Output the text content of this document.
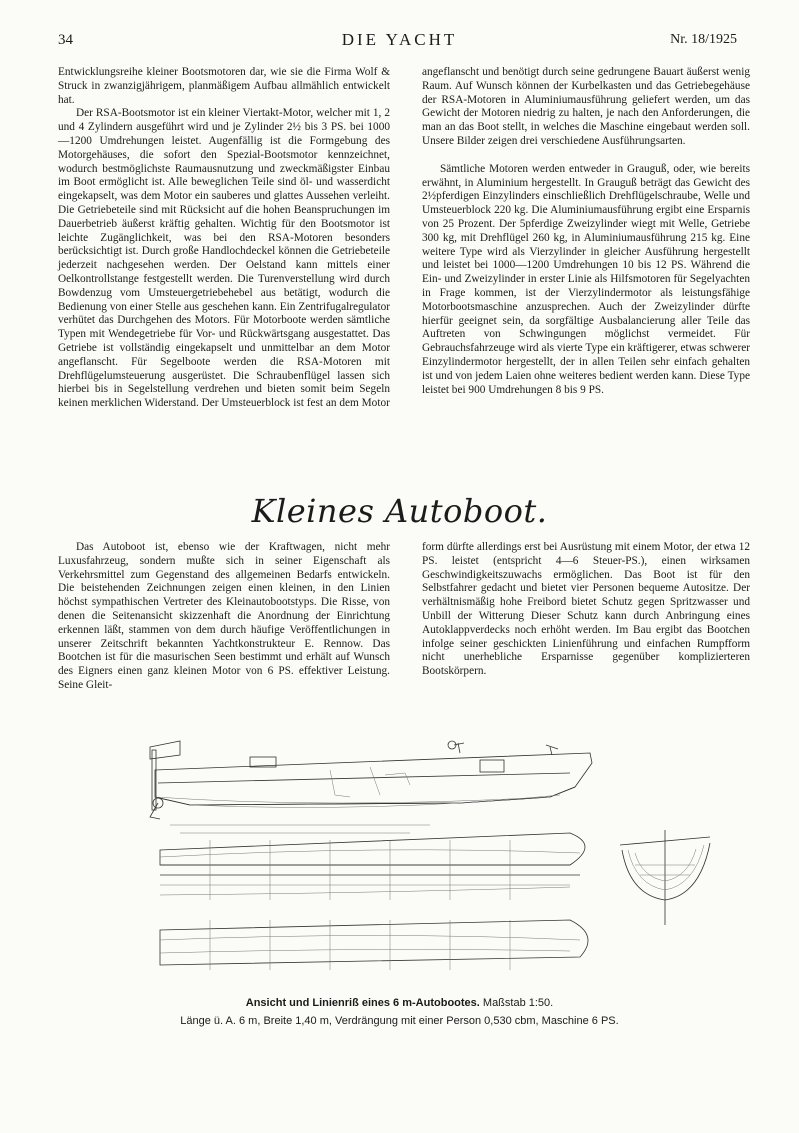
34	DIE YACHT	Nr. 18/1925

Entwicklungsreihe kleiner Bootsmotoren dar, wie sie die Firma Wolf & Struck in zwanzigjährigem, planmäßigem Aufbau allmählich entwickelt hat.

Der RSA-Bootsmotor ist ein kleiner Viertakt-Motor, welcher mit 1, 2 und 4 Zylindern ausgeführt wird und je Zylinder 2½ bis 3 PS. bei 1000—1200 Umdrehungen leistet. Augenfällig ist die Formgebung des Motorgehäuses, die sofort den Spezial-Bootsmotor kennzeichnet, wodurch bestmöglichste Raumausnutzung und zweckmäßigster Einbau im Boot ermöglicht ist. Alle beweglichen Teile sind öl- und wasserdicht eingekapselt, was dem Motor ein sauberes und glattes Aussehen verleiht. Die Getriebeteile sind mit Rücksicht auf die hohen Beanspruchungen im Dauerbetrieb äußerst kräftig gehalten. Wichtig für den Bootsmotor ist leichte Zugänglichkeit, was bei den RSA-Motoren besonders berücksichtigt ist. Durch große Handlochdeckel können die Getriebeteile jederzeit nachgesehen werden. Der Oelstand kann mittels einer Oelkontrollstange festgestellt werden. Die Turenverstellung wird durch Bowdenzug vom Umsteuergetriebehebel aus betätigt, wodurch die Bedienung von einer Stelle aus geschehen kann. Ein Zentrifugalregulator verhütet das Durchgehen des Motors. Für Motorboote werden sämtliche Typen mit Wendegetriebe für Vor- und Rückwärtsgang ausgestattet. Das Getriebe ist vollständig eingekapselt und unmittelbar an dem Motor angeflanscht. Für Segelboote werden die RSA-Motoren mit Drehflügelumsteuerung ausgerüstet. Die Schraubenflügel lassen sich hierbei bis in Segelstellung verdrehen und bieten somit beim Segeln keinen merklichen Widerstand. Der Umsteuerblock ist fest an dem Motor

angeflanscht und benötigt durch seine gedrungene Bauart äußerst wenig Raum. Auf Wunsch können der Kurbelkasten und das Getriebegehäuse der RSA-Motoren in Aluminiumausführung geliefert werden, um das Gewicht der Motoren niedrig zu halten, je nach den Anforderungen, die man an das Boot stellt, in welches die Maschine eingebaut werden soll. Unsere Bilder zeigen drei verschiedene Ausführungsarten.

Sämtliche Motoren werden entweder in Grauguß, oder, wie bereits erwähnt, in Aluminium hergestellt. In Grauguß beträgt das Gewicht des 2½pferdigen Einzylinders einschließlich Drehflügelschraube, Welle und Umsteuerblock 220 kg. Die Aluminiumausführung ergibt eine Ersparnis von 25 Prozent. Der 5pferdige Zweizylinder wiegt mit Welle, Getriebe 300 kg, mit Drehflügel 260 kg, in Aluminiumausführung 215 kg. Eine weitere Type wird als Vierzylinder in gleicher Ausführung hergestellt und leistet bei 1000—1200 Umdrehungen 10 bis 12 PS. Während die Ein- und Zweizylinder in erster Linie als Hilfsmotoren für Segelyachten in Frage kommen, ist der Vierzylindermotor als leistungsfähige Motorbootsmaschine anzusprechen. Auch der Zweizylinder dürfte hierfür geeignet sein, da sorgfältige Ausbalancierung aller Teile das Auftreten von Schwingungen möglichst vermeidet. Für Gebrauchsfahrzeuge wird als vierte Type ein kräftigerer, etwas schwerer Einzylindermotor hergestellt, der in allen Teilen sehr einfach gehalten ist und von jedem Laien ohne weiteres bedient werden kann. Diese Type leistet bei 900 Umdrehungen 8 bis 9 PS.

Kleines Autoboot.

Das Autoboot ist, ebenso wie der Kraftwagen, nicht mehr Luxusfahrzeug, sondern mußte sich in seiner Eigenschaft als Verkehrsmittel zum Gegenstand des allgemeinen Bedarfs entwickeln. Die beistehenden Zeichnungen zeigen einen kleinen, in den Linien höchst sympathischen Vertreter des Kleinautobootstyps. Die Risse, von denen die Seitenansicht skizzenhaft die Anordnung der Einrichtung erkennen läßt, stammen von dem durch häufige Veröffentlichungen in unserer Zeitschrift bekannten Yachtkonstrukteur E. Rennow. Das Bootchen ist für die masurischen Seen bestimmt und erhält auf Wunsch des Eigners einen ganz kleinen Motor von 6 PS. effektiver Leistung. Seine Gleit-

form dürfte allerdings erst bei Ausrüstung mit einem Motor, der etwa 12 PS. leistet (entspricht 4—6 Steuer-PS.), einen wirksamen Geschwindigkeitszuwachs ermöglichen. Das Boot ist für den Selbstfahrer gedacht und bietet vier Personen bequeme Autositze. Der verhältnismäßig hohe Freibord bietet Schutz gegen Spritzwasser und Unbill der Witterung Dieser Schutz kann durch Anbringung eines Autoklappverdecks noch erhöht werden. Im Bau ergibt das Bootchen infolge seiner geschickten Linienführung und einfachen Rumpfform nicht unerhebliche Ersparnisse gegenüber komplizierteren Bootskörpern.

Ansicht und Linienriß eines 6 m-Autobootes. Maßstab 1:50.
Länge ü. A. 6 m, Breite 1,40 m, Verdrängung mit einer Person 0,530 cbm, Maschine 6 PS.
